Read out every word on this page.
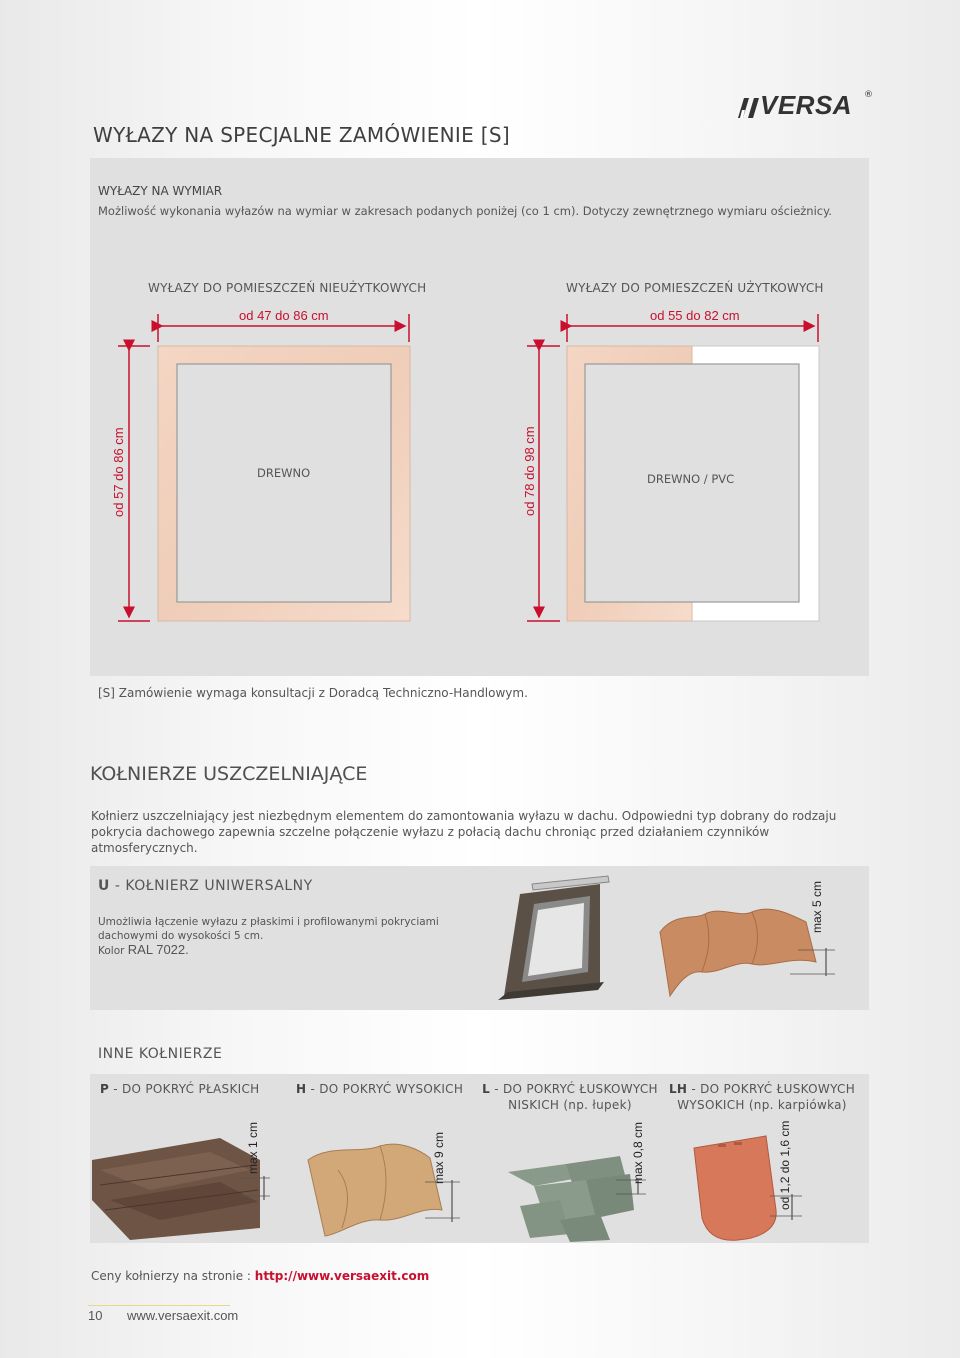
VERSA ®
WYŁAZY NA SPECJALNE ZAMÓWIENIE [S]
WYŁAZY NA WYMIAR
Możliwość wykonania wyłazów na wymiar w zakresach podanych poniżej (co 1 cm). Dotyczy zewnętrznego wymiaru ościeżnicy.
WYŁAZY DO POMIESZCZEŃ NIEUŻYTKOWYCH	WYŁAZY DO POMIESZCZEŃ UŻYTKOWYCH
od 47 do 86 cm	od 55 do 82 cm
od 57 do 86 cm	od 78 do 98 cm
DREWNO	DREWNO / PVC
[S] Zamówienie wymaga konsultacji z Doradcą Techniczno-Handlowym.
KOŁNIERZE USZCZELNIAJĄCE
Kołnierz uszczelniający jest niezbędnym elementem do zamontowania wyłazu w dachu. Odpowiedni typ dobrany do rodzaju pokrycia dachowego zapewnia szczelne połączenie wyłazu z połacią dachu chroniąc przed działaniem czynników atmosferycznych.
U - KOŁNIERZ UNIWERSALNY
Umożliwia łączenie wyłazu z płaskimi i profilowanymi pokryciami
dachowymi do wysokości 5 cm.
Kolor RAL 7022.
max 5 cm
INNE KOŁNIERZE
P - DO POKRYĆ PŁASKICH	H - DO POKRYĆ WYSOKICH L - DO POKRYĆ ŁUSKOWYCH
NISKICH (np. łupek)
LH - DO POKRYĆ ŁUSKOWYCH
WYSOKICH (np. karpiówka)
max 1 cm	max 9 cm	max 0,8 cm	od 1,2 do 1,6 cm
Ceny kołnierzy na stronie : http://www.versaexit.com
10 www.versaexit.com
